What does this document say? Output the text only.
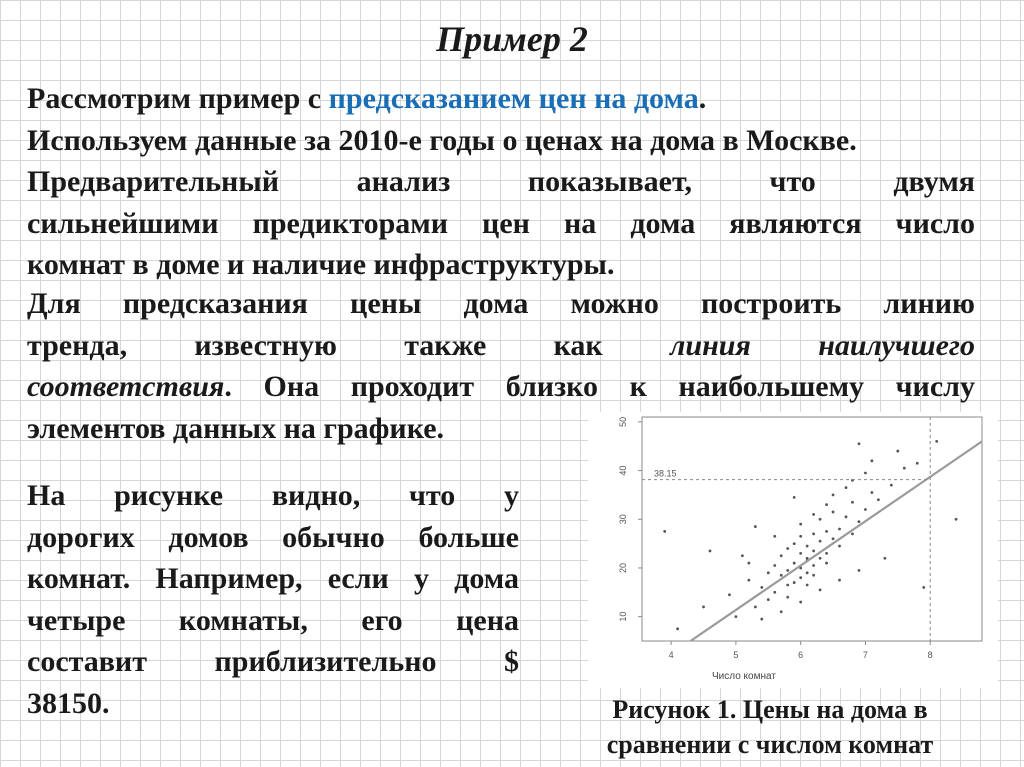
Пример 2
Рассмотрим пример с предсказанием цен на дома.
Используем данные за 2010-е годы о ценах на дома в Москве.
Предварительный анализ показывает, что двумя
сильнейшими предикторами цен на дома являются число
комнат в доме и наличие инфраструктуры.
Для предсказания цены дома можно построить линию
тренда, известную также как линия наилучшего
соответствия. Она проходит близко к наибольшему числу
элементов данных на графике.
На рисунке видно, что у
дорогих домов обычно больше
комнат. Например, если у дома
четыре комнаты, его цена
составит приблизительно $
38150.
10
20
30
40
50
4	5	6	7	8
38.15
Число комнат
Рисунок 1. Цены на дома в
сравнении с числом комнат
